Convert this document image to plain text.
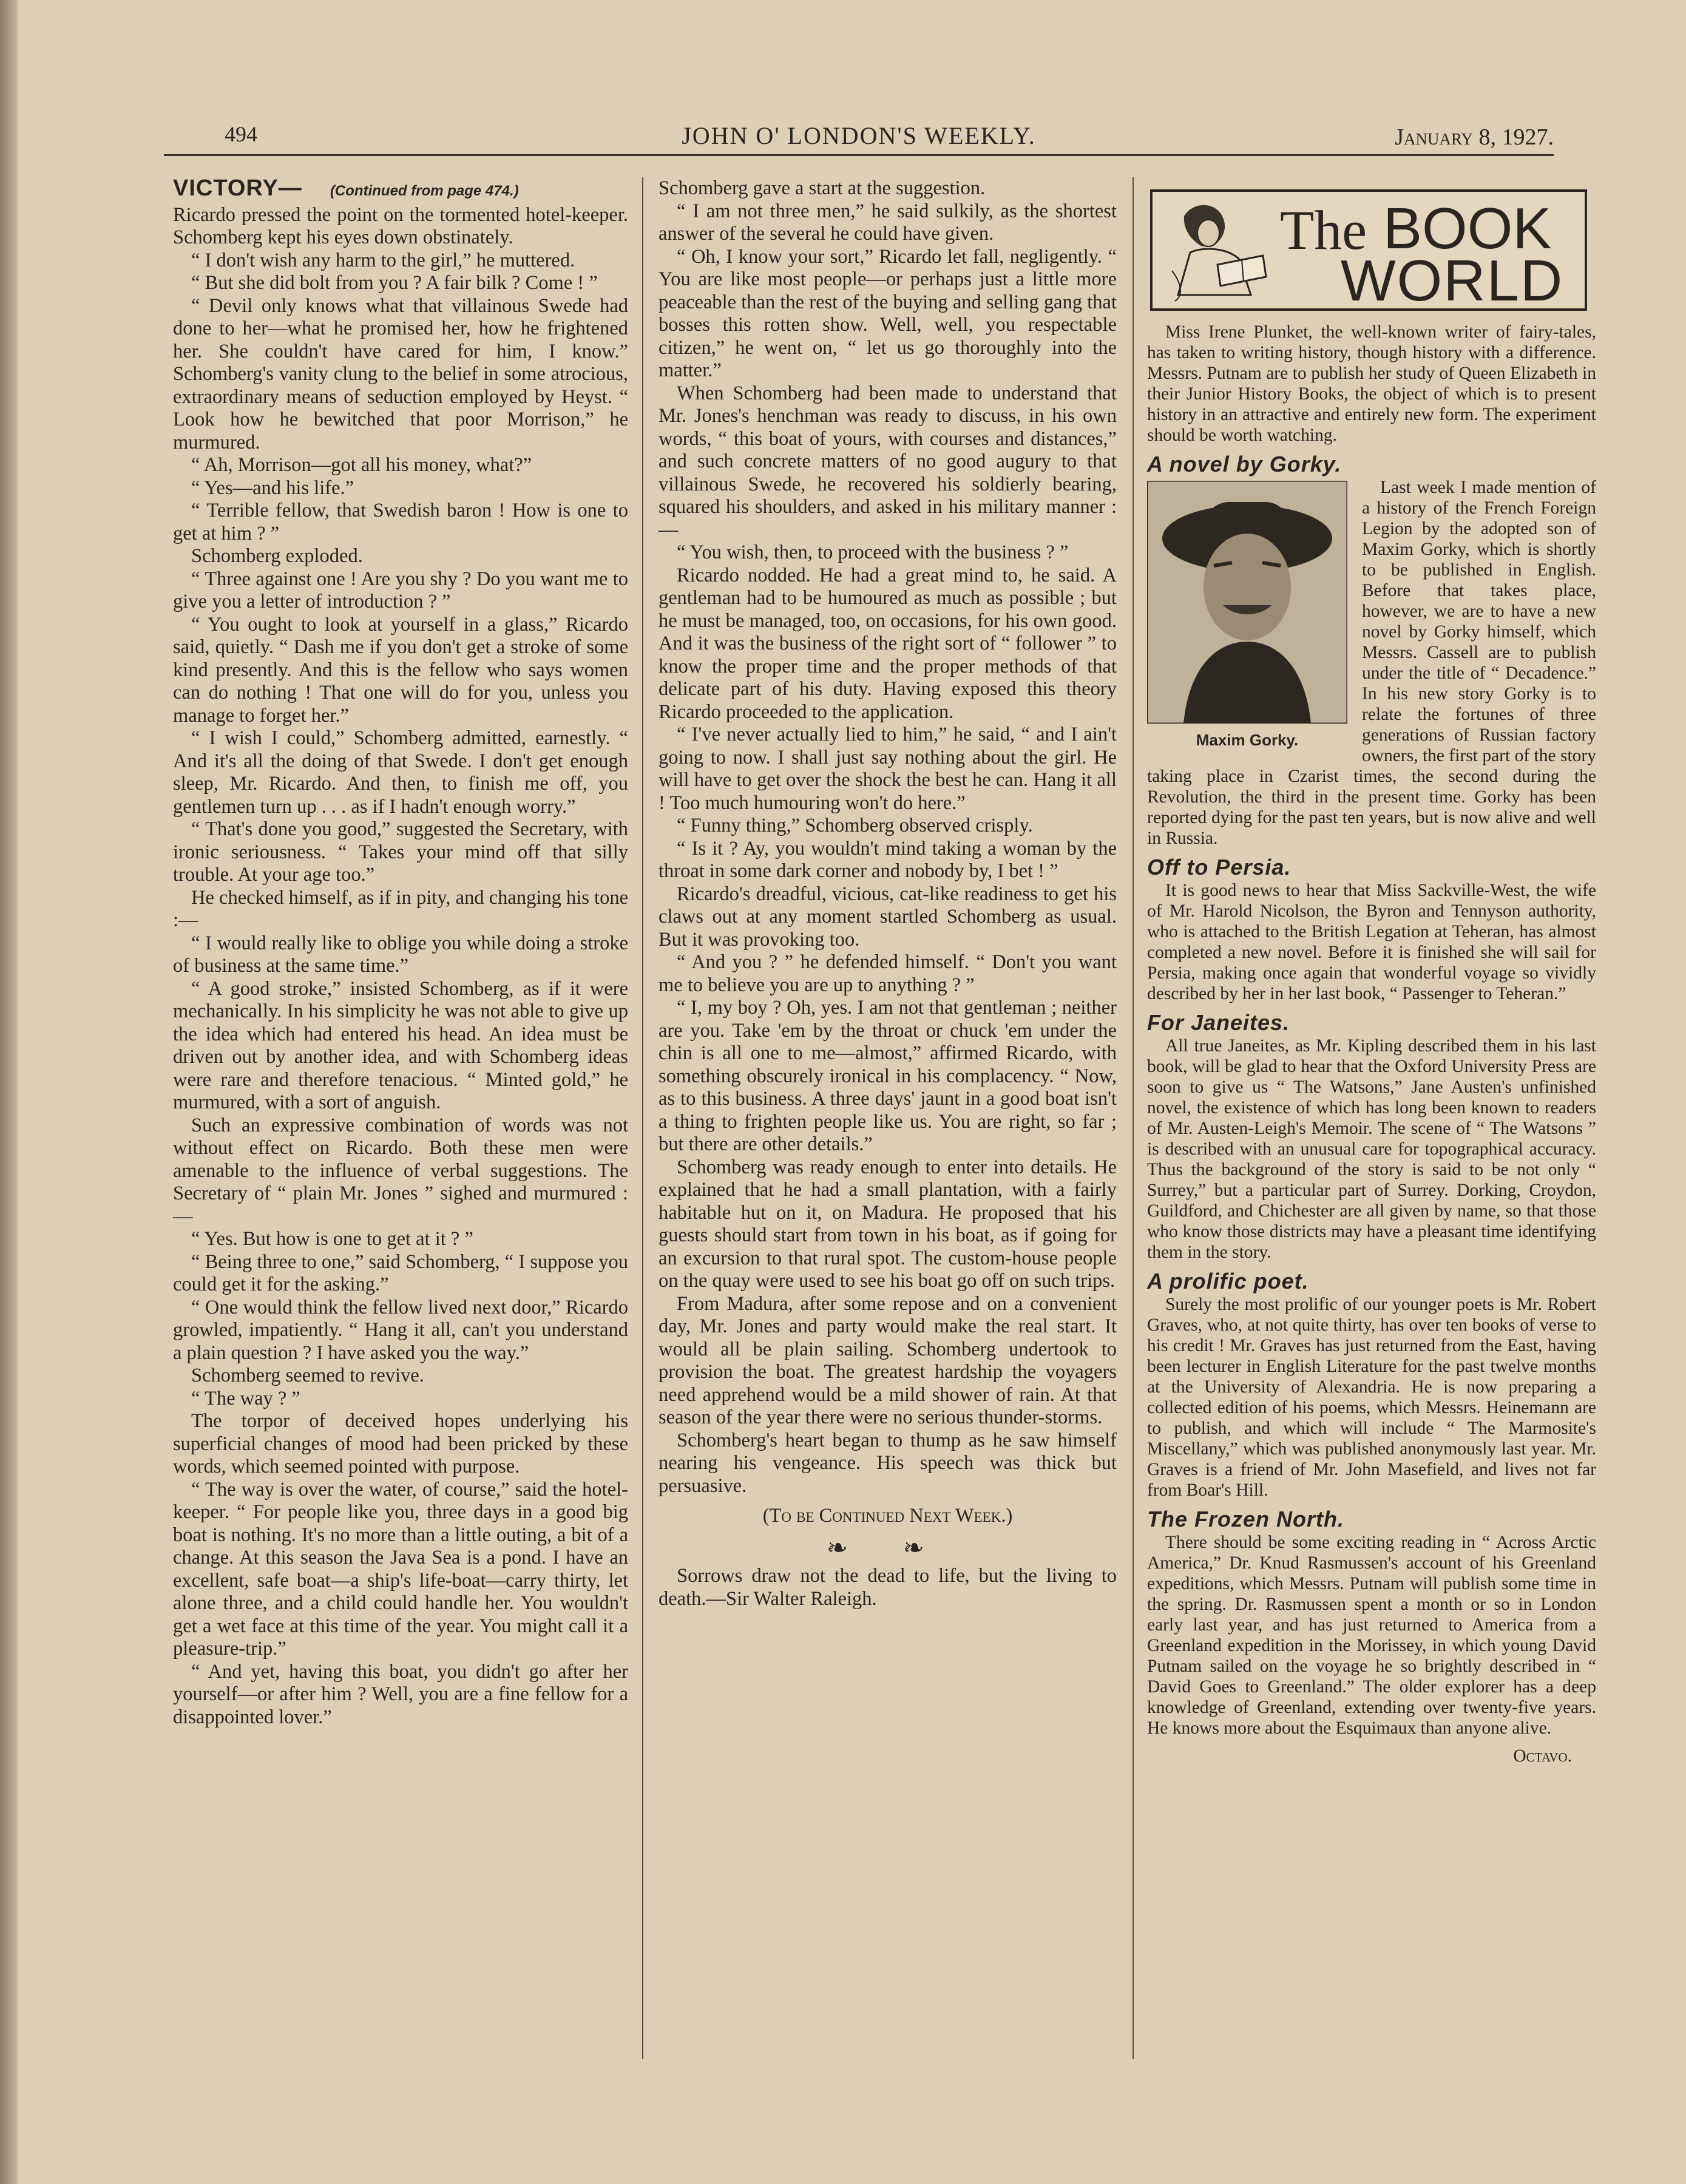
494	JOHN O' LONDON'S WEEKLY.	January 8, 1927.
VICTORY— (Continued from page 474.)

Ricardo pressed the point on the tormented hotel-keeper. Schomberg kept his eyes down obstinately.

“ I don't wish any harm to the girl,” he muttered.

“ But she did bolt from you ? A fair bilk ? Come ! ”

“ Devil only knows what that villainous Swede had done to her—what he promised her, how he frightened her. She couldn't have cared for him, I know.” Schomberg's vanity clung to the belief in some atrocious, extraordinary means of seduction employed by Heyst. “ Look how he bewitched that poor Morrison,” he murmured.

“ Ah, Morrison—got all his money, what?”

“ Yes—and his life.”

“ Terrible fellow, that Swedish baron ! How is one to get at him ? ”

Schomberg exploded.

“ Three against one ! Are you shy ? Do you want me to give you a letter of introduction ? ”

“ You ought to look at yourself in a glass,” Ricardo said, quietly. “ Dash me if you don't get a stroke of some kind presently. And this is the fellow who says women can do nothing ! That one will do for you, unless you manage to forget her.”

“ I wish I could,” Schomberg admitted, earnestly. “ And it's all the doing of that Swede. I don't get enough sleep, Mr. Ricardo. And then, to finish me off, you gentlemen turn up . . . as if I hadn't enough worry.”

“ That's done you good,” suggested the Secretary, with ironic seriousness. “ Takes your mind off that silly trouble. At your age too.”

He checked himself, as if in pity, and changing his tone :—

“ I would really like to oblige you while doing a stroke of business at the same time.”

“ A good stroke,” insisted Schomberg, as if it were mechanically. In his simplicity he was not able to give up the idea which had entered his head. An idea must be driven out by another idea, and with Schomberg ideas were rare and therefore tenacious. “ Minted gold,” he murmured, with a sort of anguish.

Such an expressive combination of words was not without effect on Ricardo. Both these men were amenable to the influence of verbal suggestions. The Secretary of “ plain Mr. Jones ” sighed and murmured :—

“ Yes. But how is one to get at it ? ”

“ Being three to one,” said Schomberg, “ I suppose you could get it for the asking.”

“ One would think the fellow lived next door,” Ricardo growled, impatiently. “ Hang it all, can't you understand a plain question ? I have asked you the way.”

Schomberg seemed to revive.

“ The way ? ”

The torpor of deceived hopes underlying his superficial changes of mood had been pricked by these words, which seemed pointed with purpose.

“ The way is over the water, of course,” said the hotel-keeper. “ For people like you, three days in a good big boat is nothing. It's no more than a little outing, a bit of a change. At this season the Java Sea is a pond. I have an excellent, safe boat—a ship's life-boat—carry thirty, let alone three, and a child could handle her. You wouldn't get a wet face at this time of the year. You might call it a pleasure-trip.”

“ And yet, having this boat, you didn't go after her yourself—or after him ? Well, you are a fine fellow for a disappointed lover.”

Schomberg gave a start at the suggestion.

“ I am not three men,” he said sulkily, as the shortest answer of the several he could have given.

“ Oh, I know your sort,” Ricardo let fall, negligently. “ You are like most people—or perhaps just a little more peaceable than the rest of the buying and selling gang that bosses this rotten show. Well, well, you respectable citizen,” he went on, “ let us go thoroughly into the matter.”

When Schomberg had been made to understand that Mr. Jones's henchman was ready to discuss, in his own words, “ this boat of yours, with courses and distances,” and such concrete matters of no good augury to that villainous Swede, he recovered his soldierly bearing, squared his shoulders, and asked in his military manner :—

“ You wish, then, to proceed with the business ? ”

Ricardo nodded. He had a great mind to, he said. A gentleman had to be humoured as much as possible ; but he must be managed, too, on occasions, for his own good. And it was the business of the right sort of “ follower ” to know the proper time and the proper methods of that delicate part of his duty. Having exposed this theory Ricardo proceeded to the application.

“ I've never actually lied to him,” he said, “ and I ain't going to now. I shall just say nothing about the girl. He will have to get over the shock the best he can. Hang it all ! Too much humouring won't do here.”

“ Funny thing,” Schomberg observed crisply.

“ Is it ? Ay, you wouldn't mind taking a woman by the throat in some dark corner and nobody by, I bet ! ”

Ricardo's dreadful, vicious, cat-like readiness to get his claws out at any moment startled Schomberg as usual. But it was provoking too.

“ And you ? ” he defended himself. “ Don't you want me to believe you are up to anything ? ”

“ I, my boy ? Oh, yes. I am not that gentleman ; neither are you. Take 'em by the throat or chuck 'em under the chin is all one to me—almost,” affirmed Ricardo, with something obscurely ironical in his complacency. “ Now, as to this business. A three days' jaunt in a good boat isn't a thing to frighten people like us. You are right, so far ; but there are other details.”

Schomberg was ready enough to enter into details. He explained that he had a small plantation, with a fairly habitable hut on it, on Madura. He proposed that his guests should start from town in his boat, as if going for an excursion to that rural spot. The custom-house people on the quay were used to see his boat go off on such trips.

From Madura, after some repose and on a convenient day, Mr. Jones and party would make the real start. It would all be plain sailing. Schomberg undertook to provision the boat. The greatest hardship the voyagers need apprehend would be a mild shower of rain. At that season of the year there were no serious thunder-storms.

Schomberg's heart began to thump as he saw himself nearing his vengeance. His speech was thick but persuasive.

(To be Continued Next Week.)

❧ ❧

Sorrows draw not the dead to life, but the living to death.—Sir Walter Raleigh.

The BOOK
WORLD

Miss Irene Plunket, the well-known writer of fairy-tales, has taken to writing history, though history with a difference. Messrs. Putnam are to publish her study of Queen Elizabeth in their Junior History Books, the object of which is to present history in an attractive and entirely new form. The experiment should be worth watching.

A novel by Gorky.

Maxim Gorky.

Last week I made mention of a history of the French Foreign Legion by the adopted son of Maxim Gorky, which is shortly to be published in English. Before that takes place, however, we are to have a new novel by Gorky himself, which Messrs. Cassell are to publish under the title of “ Decadence.” In his new story Gorky is to relate the fortunes of three generations of Russian factory owners, the first part of the story taking place in Czarist times, the second during the Revolution, the third in the present time. Gorky has been reported dying for the past ten years, but is now alive and well in Russia.

Off to Persia.

It is good news to hear that Miss Sackville-West, the wife of Mr. Harold Nicolson, the Byron and Tennyson authority, who is attached to the British Legation at Teheran, has almost completed a new novel. Before it is finished she will sail for Persia, making once again that wonderful voyage so vividly described by her in her last book, “ Passenger to Teheran.”

For Janeites.

All true Janeites, as Mr. Kipling described them in his last book, will be glad to hear that the Oxford University Press are soon to give us “ The Watsons,” Jane Austen's unfinished novel, the existence of which has long been known to readers of Mr. Austen-Leigh's Memoir. The scene of “ The Watsons ” is described with an unusual care for topographical accuracy. Thus the background of the story is said to be not only “ Surrey,” but a particular part of Surrey. Dorking, Croydon, Guildford, and Chichester are all given by name, so that those who know those districts may have a pleasant time identifying them in the story.

A prolific poet.

Surely the most prolific of our younger poets is Mr. Robert Graves, who, at not quite thirty, has over ten books of verse to his credit ! Mr. Graves has just returned from the East, having been lecturer in English Literature for the past twelve months at the University of Alexandria. He is now preparing a collected edition of his poems, which Messrs. Heinemann are to publish, and which will include “ The Marmosite's Miscellany,” which was published anonymously last year. Mr. Graves is a friend of Mr. John Masefield, and lives not far from Boar's Hill.

The Frozen North.

There should be some exciting reading in “ Across Arctic America,” Dr. Knud Rasmussen's account of his Greenland expeditions, which Messrs. Putnam will publish some time in the spring. Dr. Rasmussen spent a month or so in London early last year, and has just returned to America from a Greenland expedition in the Morissey, in which young David Putnam sailed on the voyage he so brightly described in “ David Goes to Greenland.” The older explorer has a deep knowledge of Greenland, extending over twenty-five years. He knows more about the Esquimaux than anyone alive.

Octavo.
